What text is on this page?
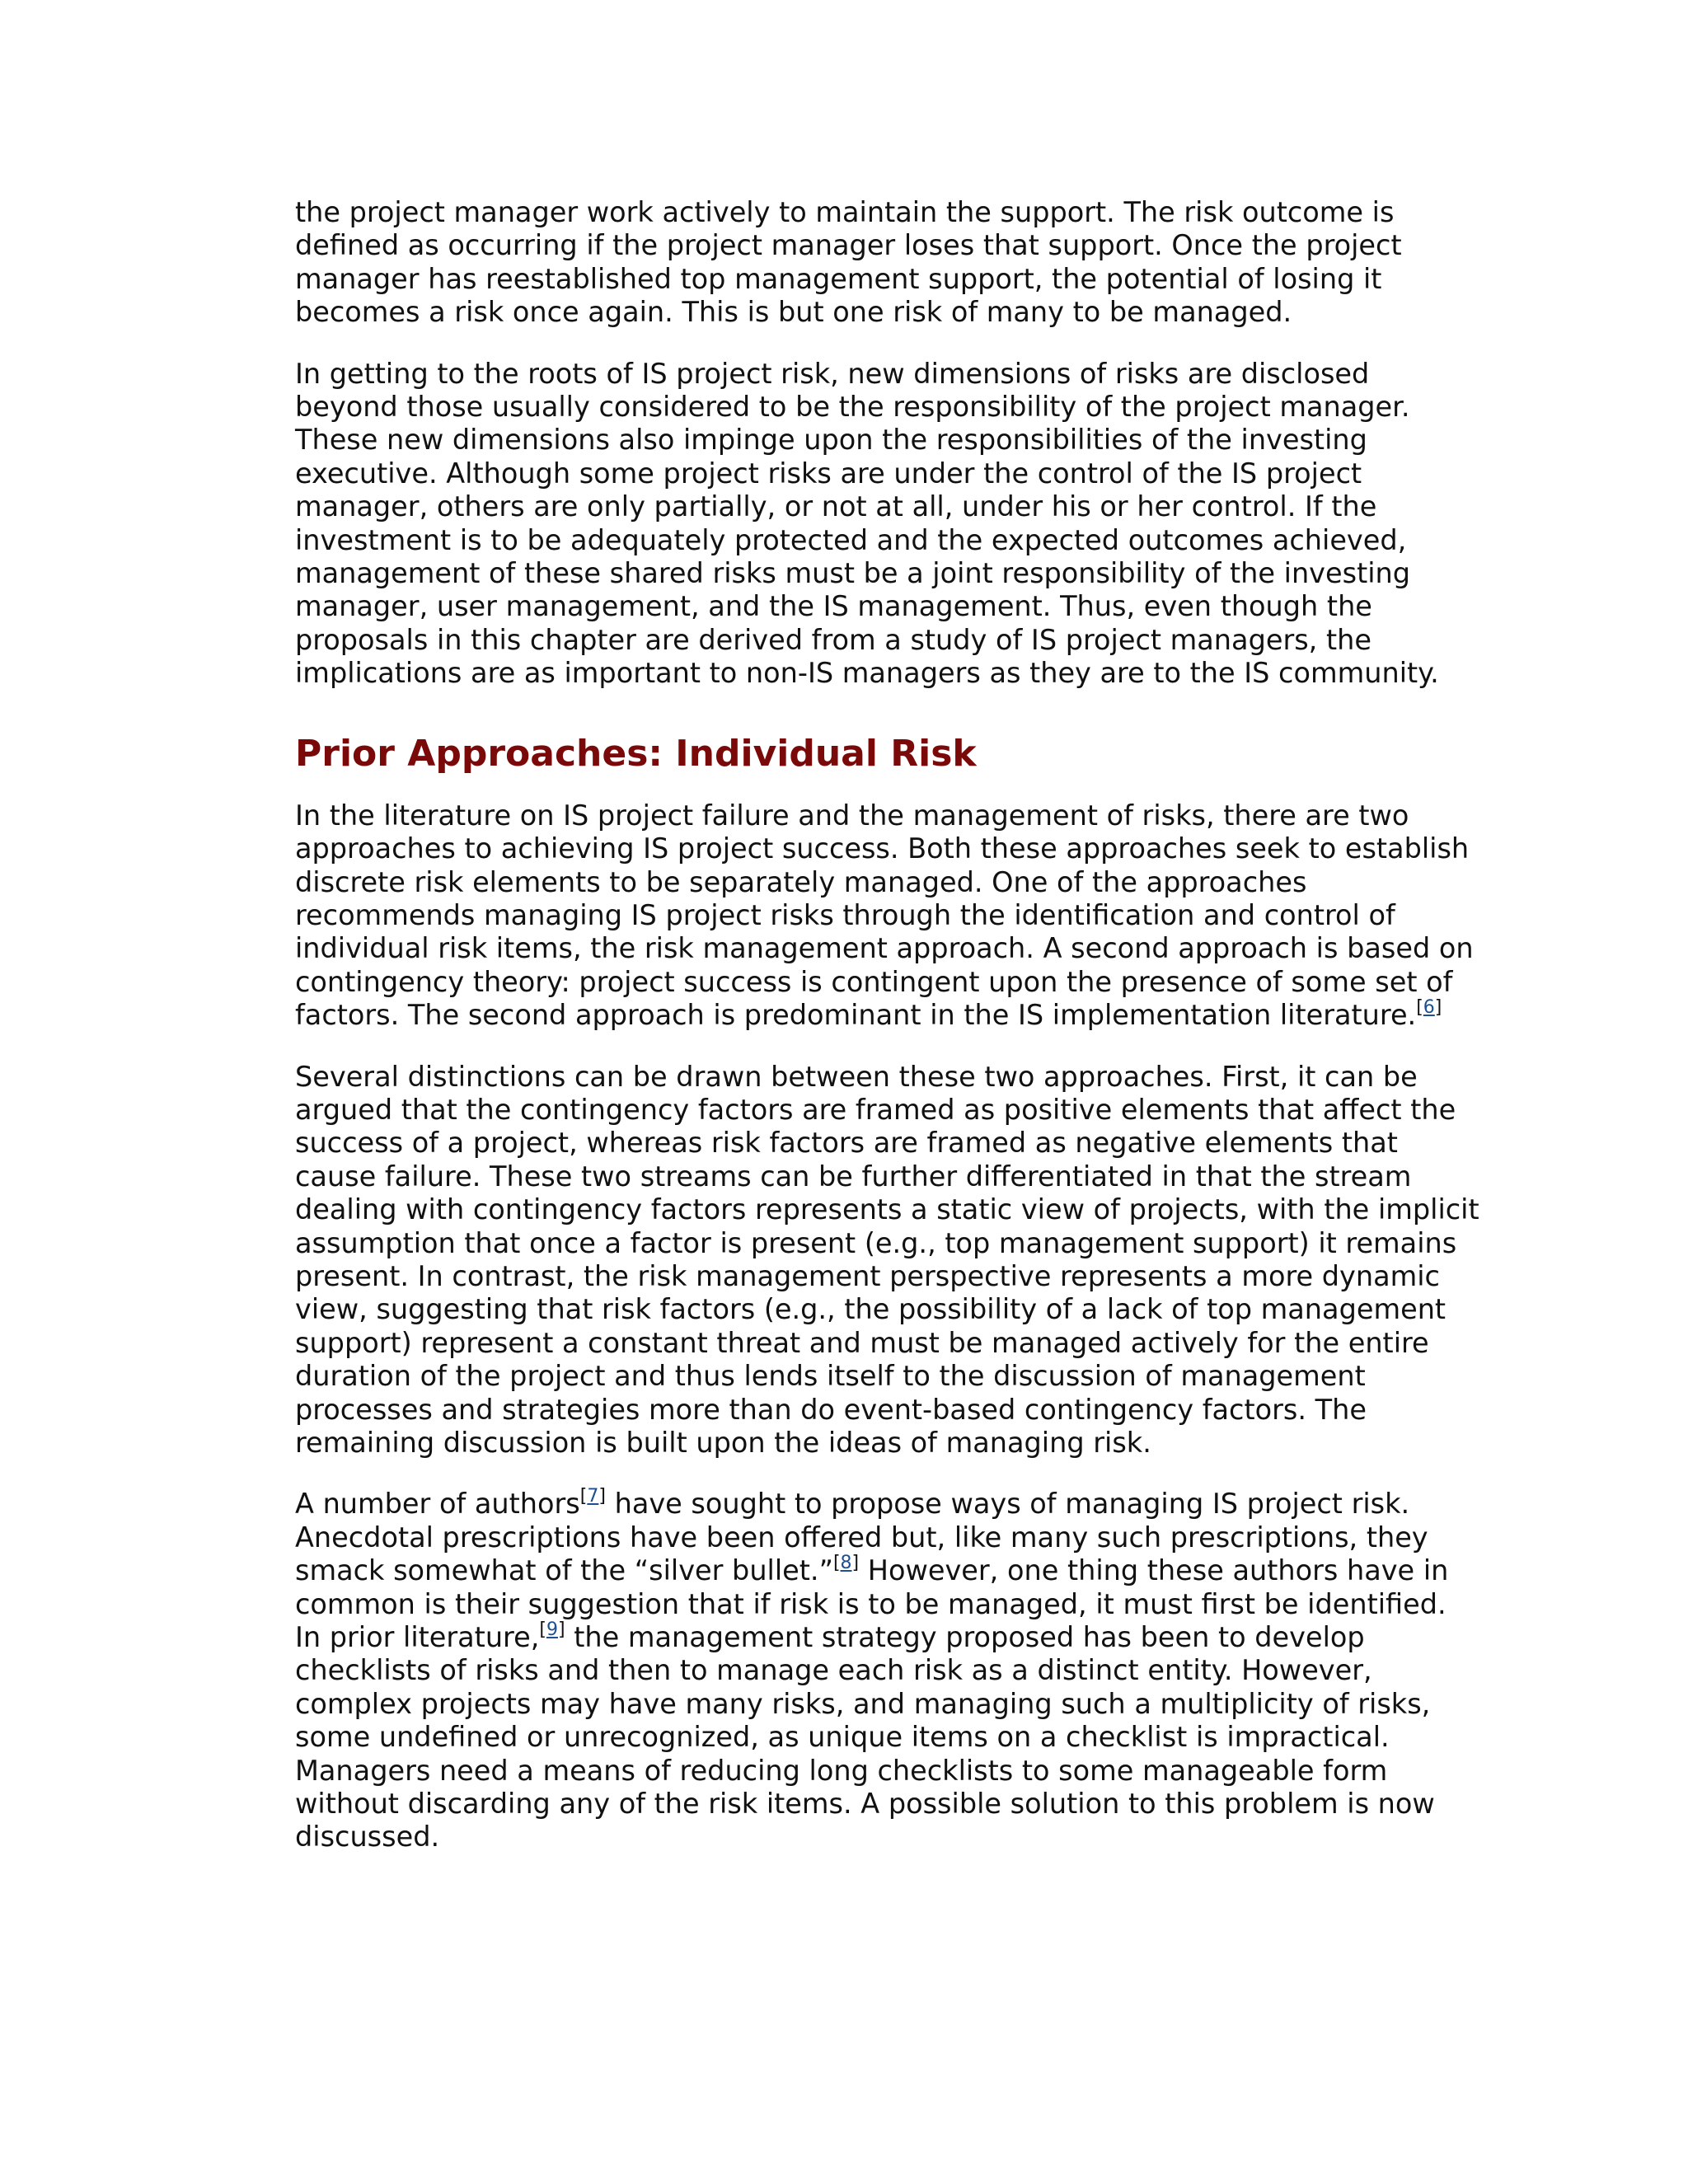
the project manager work actively to maintain the support. The risk outcome is
defined as occurring if the project manager loses that support. Once the project
manager has reestablished top management support, the potential of losing it
becomes a risk once again. This is but one risk of many to be managed.

In getting to the roots of IS project risk, new dimensions of risks are disclosed
beyond those usually considered to be the responsibility of the project manager.
These new dimensions also impinge upon the responsibilities of the investing
executive. Although some project risks are under the control of the IS project
manager, others are only partially, or not at all, under his or her control. If the
investment is to be adequately protected and the expected outcomes achieved,
management of these shared risks must be a joint responsibility of the investing
manager, user management, and the IS management. Thus, even though the
proposals in this chapter are derived from a study of IS project managers, the
implications are as important to non-IS managers as they are to the IS community.

Prior Approaches: Individual Risk

In the literature on IS project failure and the management of risks, there are two
approaches to achieving IS project success. Both these approaches seek to establish
discrete risk elements to be separately managed. One of the approaches
recommends managing IS project risks through the identification and control of
individual risk items, the risk management approach. A second approach is based on
contingency theory: project success is contingent upon the presence of some set of
factors. The second approach is predominant in the IS implementation literature.[6]

Several distinctions can be drawn between these two approaches. First, it can be
argued that the contingency factors are framed as positive elements that affect the
success of a project, whereas risk factors are framed as negative elements that
cause failure. These two streams can be further differentiated in that the stream
dealing with contingency factors represents a static view of projects, with the implicit
assumption that once a factor is present (e.g., top management support) it remains
present. In contrast, the risk management perspective represents a more dynamic
view, suggesting that risk factors (e.g., the possibility of a lack of top management
support) represent a constant threat and must be managed actively for the entire
duration of the project and thus lends itself to the discussion of management
processes and strategies more than do event-based contingency factors. The
remaining discussion is built upon the ideas of managing risk.

A number of authors[7] have sought to propose ways of managing IS project risk.
Anecdotal prescriptions have been offered but, like many such prescriptions, they
smack somewhat of the “silver bullet.”[8] However, one thing these authors have in
common is their suggestion that if risk is to be managed, it must first be identified.
In prior literature,[9] the management strategy proposed has been to develop
checklists of risks and then to manage each risk as a distinct entity. However,
complex projects may have many risks, and managing such a multiplicity of risks,
some undefined or unrecognized, as unique items on a checklist is impractical.
Managers need a means of reducing long checklists to some manageable form
without discarding any of the risk items. A possible solution to this problem is now
discussed.
